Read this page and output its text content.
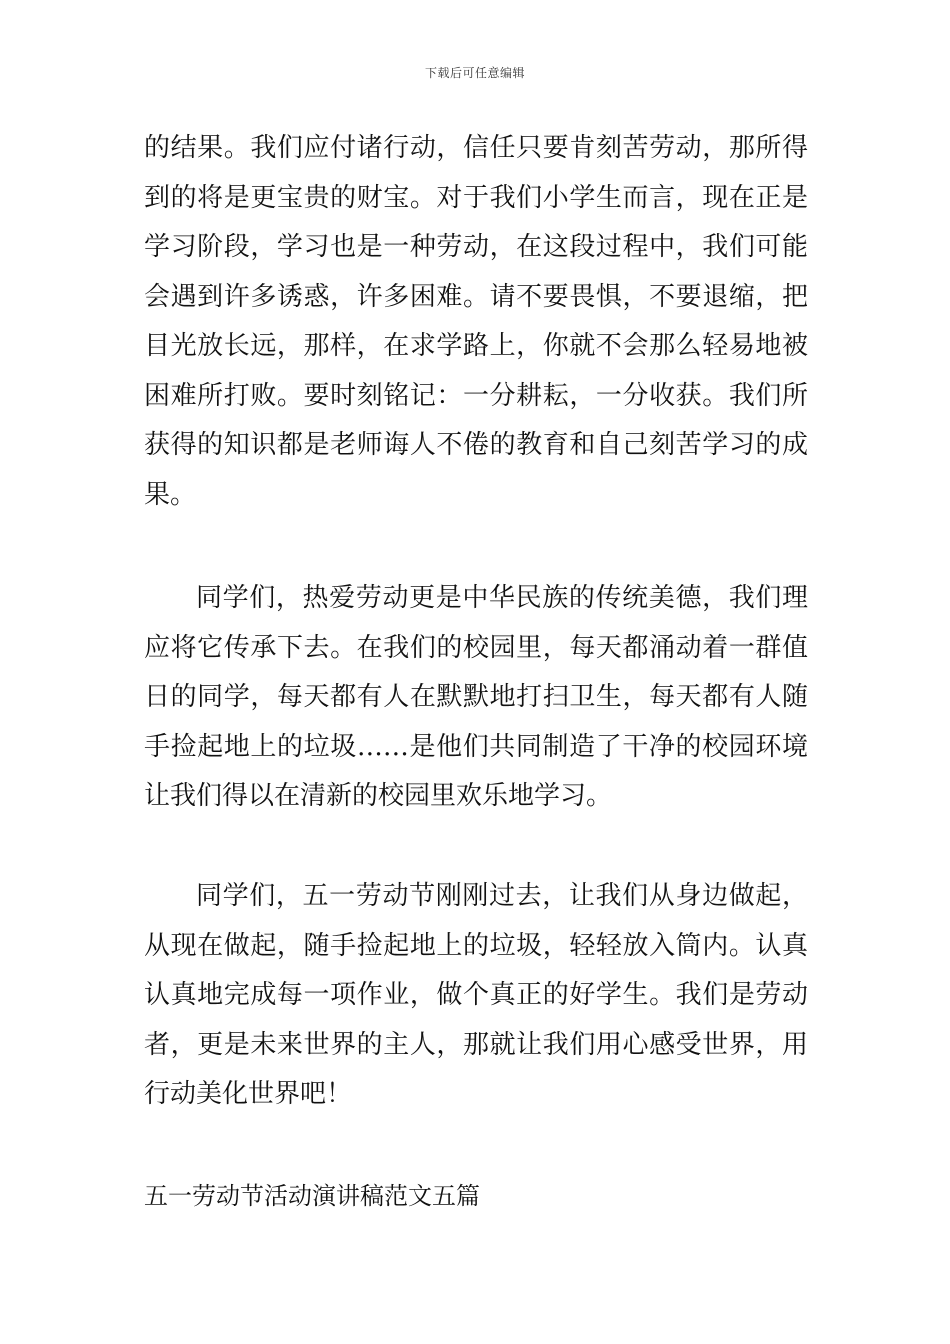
下载后可任意编辑
的结果。我们应付诸行动，信任只要肯刻苦劳动，那所得
到的将是更宝贵的财宝。对于我们小学生而言，现在正是
学习阶段，学习也是一种劳动，在这段过程中，我们可能
会遇到许多诱惑，许多困难。请不要畏惧，不要退缩，把
目光放长远，那样，在求学路上，你就不会那么轻易地被
困难所打败。要时刻铭记：一分耕耘，一分收获。我们所
获得的知识都是老师诲人不倦的教育和自己刻苦学习的成
果。
同学们，热爱劳动更是中华民族的传统美德，我们理
应将它传承下去。在我们的校园里，每天都涌动着一群值
日的同学，每天都有人在默默地打扫卫生，每天都有人随
手捡起地上的垃圾……是他们共同制造了干净的校园环境
让我们得以在清新的校园里欢乐地学习。
同学们，五一劳动节刚刚过去，让我们从身边做起，
从现在做起，随手捡起地上的垃圾，轻轻放入筒内。认真
认真地完成每一项作业，做个真正的好学生。我们是劳动
者，更是未来世界的主人，那就让我们用心感受世界，用
行动美化世界吧！
五一劳动节活动演讲稿范文五篇
